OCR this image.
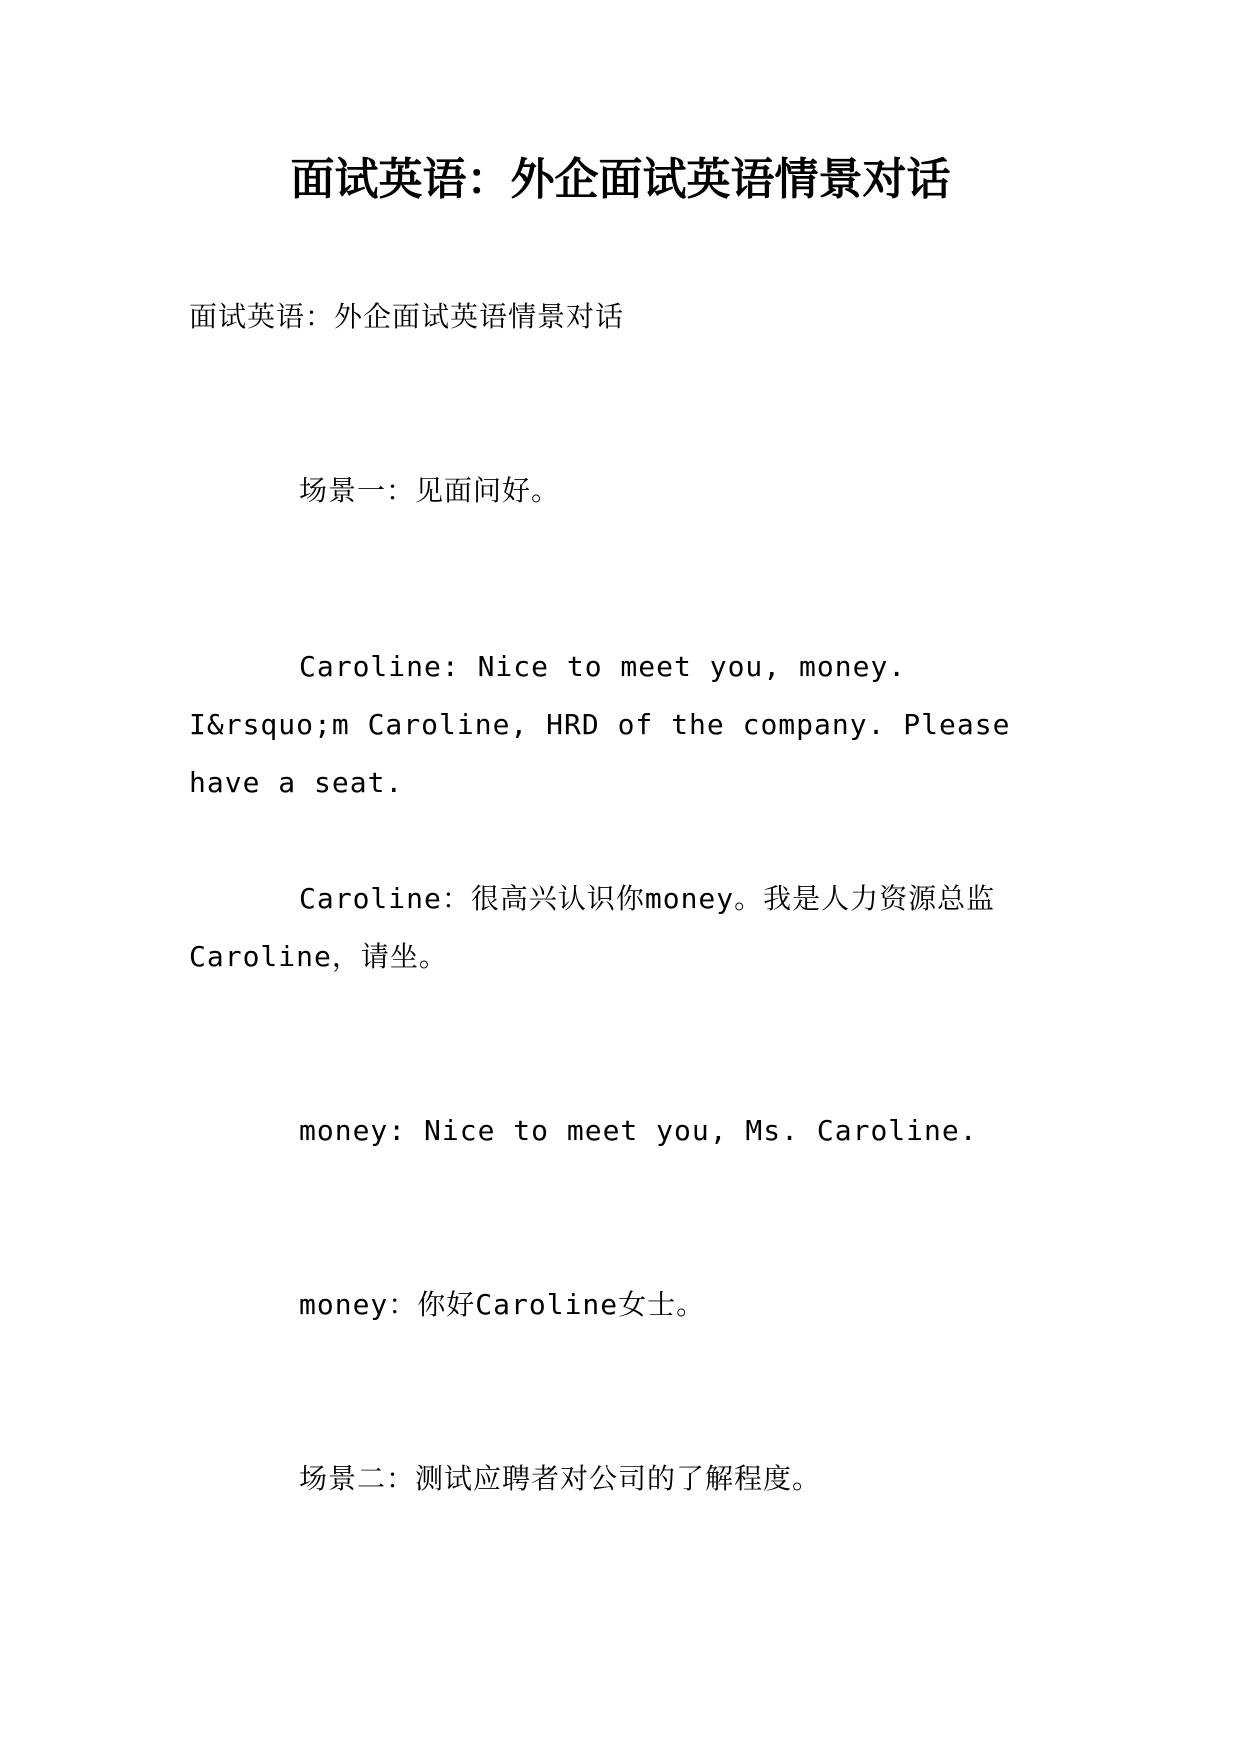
面试英语：外企面试英语情景对话
面试英语：外企面试英语情景对话
场景一：见面问好。
Caroline: Nice to meet you, money. I&rsquo;m Caroline, HRD of the company. Please have a seat.
Caroline：很高兴认识你money。我是人力资源总监Caroline，请坐。
money: Nice to meet you, Ms. Caroline.
money：你好Caroline女士。
场景二：测试应聘者对公司的了解程度。
